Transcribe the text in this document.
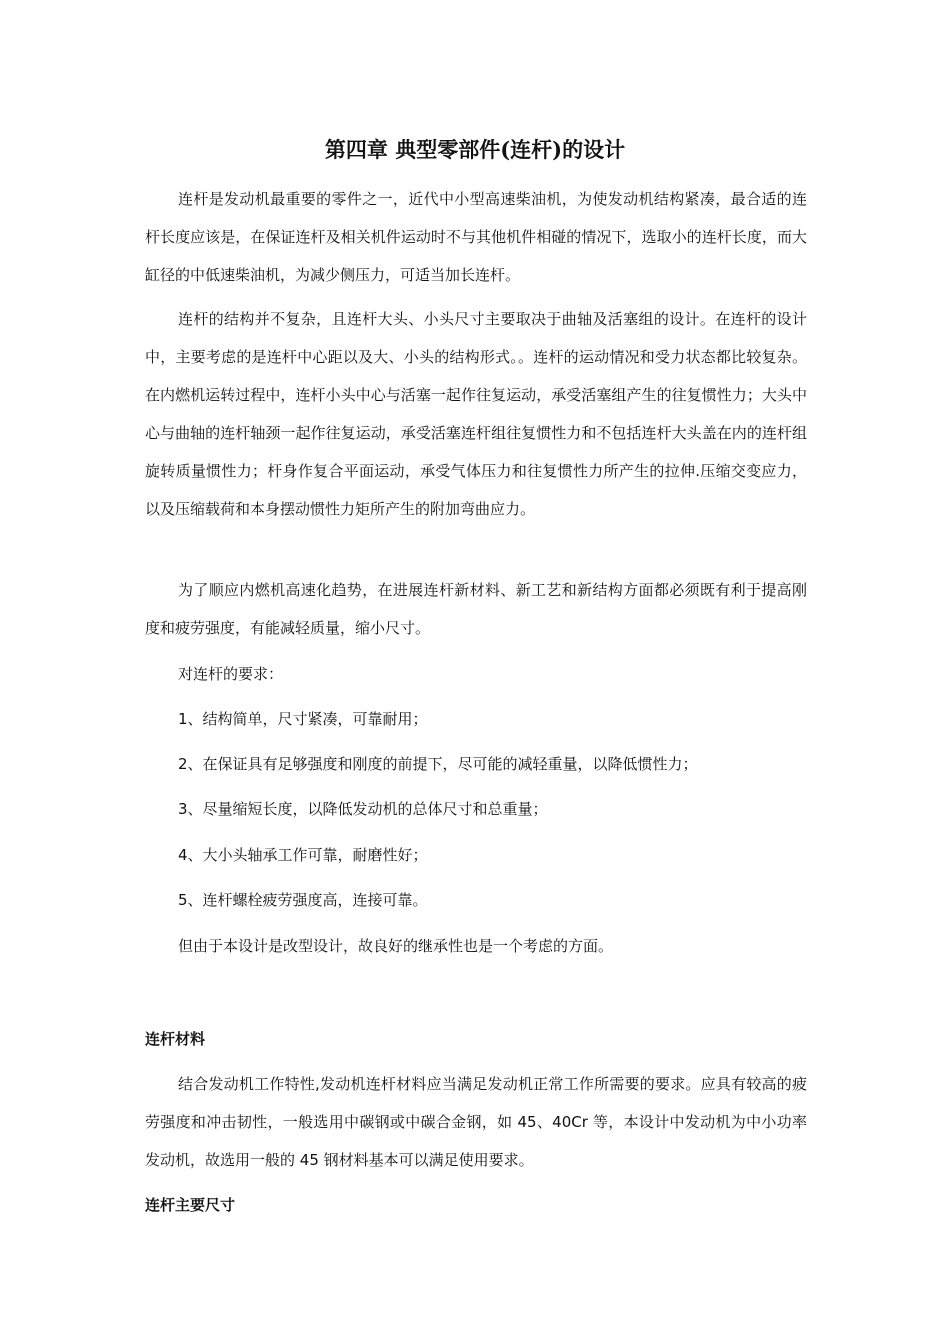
第四章 典型零部件(连杆)的设计

连杆是发动机最重要的零件之一，近代中小型高速柴油机，为使发动机结构紧凑，最合适的连杆长度应该是，在保证连杆及相关机件运动时不与其他机件相碰的情况下，选取小的连杆长度，而大缸径的中低速柴油机，为减少侧压力，可适当加长连杆。

连杆的结构并不复杂，且连杆大头、小头尺寸主要取决于曲轴及活塞组的设计。在连杆的设计中，主要考虑的是连杆中心距以及大、小头的结构形式。。连杆的运动情况和受力状态都比较复杂。在内燃机运转过程中，连杆小头中心与活塞一起作往复运动，承受活塞组产生的往复惯性力；大头中心与曲轴的连杆轴颈一起作往复运动，承受活塞连杆组往复惯性力和不包括连杆大头盖在内的连杆组旋转质量惯性力；杆身作复合平面运动，承受气体压力和往复惯性力所产生的拉伸.压缩交变应力，以及压缩载荷和本身摆动惯性力矩所产生的附加弯曲应力。

为了顺应内燃机高速化趋势，在进展连杆新材料、新工艺和新结构方面都必须既有利于提高刚度和疲劳强度，有能减轻质量，缩小尺寸。

对连杆的要求：

1、结构简单，尺寸紧凑，可靠耐用；

2、在保证具有足够强度和刚度的前提下，尽可能的减轻重量，以降低惯性力；

3、尽量缩短长度，以降低发动机的总体尺寸和总重量；

4、大小头轴承工作可靠，耐磨性好；

5、连杆螺栓疲劳强度高，连接可靠。

但由于本设计是改型设计，故良好的继承性也是一个考虑的方面。

连杆材料

结合发动机工作特性,发动机连杆材料应当满足发动机正常工作所需要的要求。应具有较高的疲劳强度和冲击韧性，一般选用中碳钢或中碳合金钢，如 45、40Cr 等，本设计中发动机为中小功率发动机，故选用一般的 45 钢材料基本可以满足使用要求。

连杆主要尺寸
